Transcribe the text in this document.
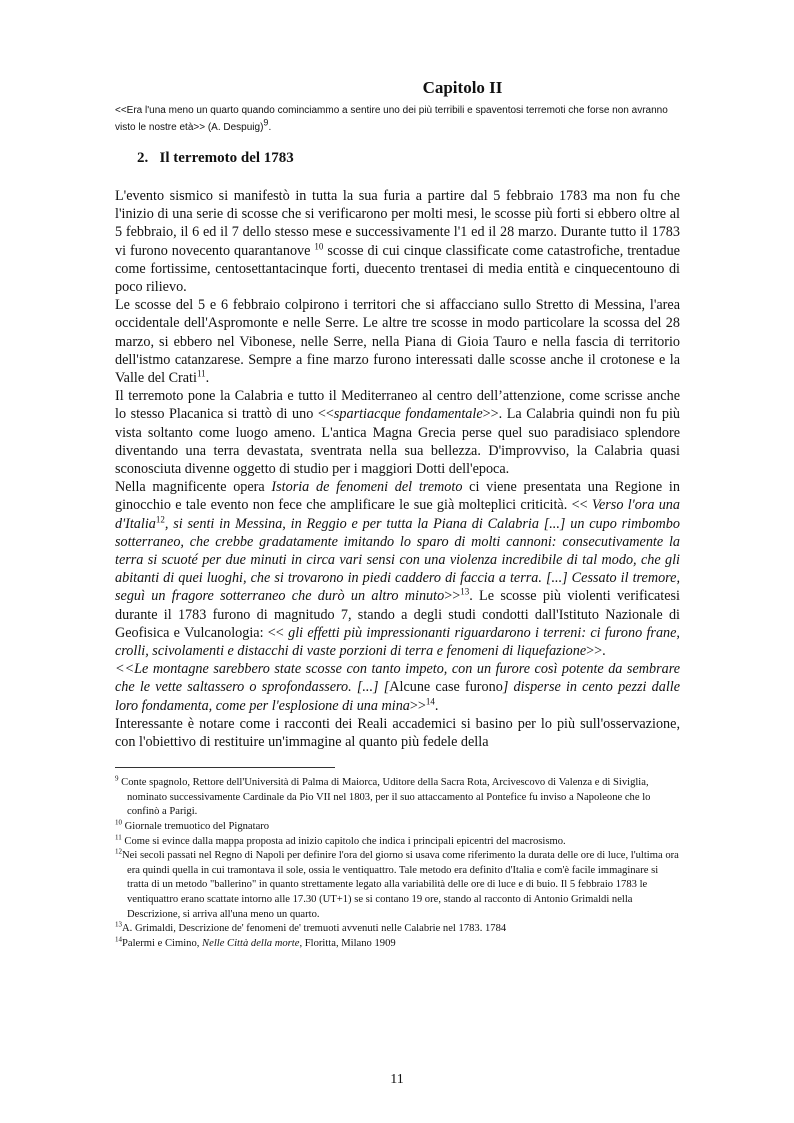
Capitolo II

<<Era l'una meno un quarto quando cominciammo a sentire uno dei più terribili e spaventosi terremoti che forse non avranno visto le nostre età>> (A. Despuig)$^9$.

2. Il terremoto del 1783

L'evento sismico si manifestò in tutta la sua furia a partire dal 5 febbraio 1783 ma non fu che l'inizio di una serie di scosse che si verificarono per molti mesi, le scosse più forti si ebbero oltre al 5 febbraio, il 6 ed il 7 dello stesso mese e successivamente l'1 ed il 28 marzo. Durante tutto il 1783 vi furono novecento quarantanove $^{10}$ scosse di cui cinque classificate come catastrofiche, trentadue come fortissime, centosettantacinque forti, duecento trentasei di media entità e cinquecentouno di poco rilievo.

Le scosse del 5 e 6 febbraio colpirono i territori che si affacciano sullo Stretto di Messina, l'area occidentale dell'Aspromonte e nelle Serre. Le altre tre scosse in modo particolare la scossa del 28 marzo, si ebbero nel Vibonese, nelle Serre, nella Piana di Gioia Tauro e nella fascia di territorio dell'istmo catanzarese. Sempre a fine marzo furono interessati dalle scosse anche il crotonese e la Valle del Crati$^{11}$.

Il terremoto pone la Calabria e tutto il Mediterraneo al centro dell’attenzione, come scrisse anche lo stesso Placanica si trattò di uno <<spartiacque fondamentale>>. La Calabria quindi non fu più vista soltanto come luogo ameno. L'antica Magna Grecia perse quel suo paradisiaco splendore diventando una terra devastata, sventrata nella sua bellezza. D'improvviso, la Calabria quasi sconosciuta divenne oggetto di studio per i maggiori Dotti dell'epoca.

Nella magnificente opera Istoria de fenomeni del tremoto ci viene presentata una Regione in ginocchio e tale evento non fece che amplificare le sue già molteplici criticità. << Verso l'ora una d'Italia$^{12}$, si senti in Messina, in Reggio e per tutta la Piana di Calabria [...] un cupo rimbombo sotterraneo, che crebbe gradatamente imitando lo sparo di molti cannoni: consecutivamente la terra si scuoté per due minuti in circa vari sensi con una violenza incredibile di tal modo, che gli abitanti di quei luoghi, che si trovarono in piedi caddero di faccia a terra. [...] Cessato il tremore, seguì un fragore sotterraneo che durò un altro minuto>>$^{13}$. Le scosse più violenti verificatesi durante il 1783 furono di magnitudo 7, stando a degli studi condotti dall'Istituto Nazionale di Geofisica e Vulcanologia: << gli effetti più impressionanti riguardarono i terreni: ci furono frane, crolli, scivolamenti e distacchi di vaste porzioni di terra e fenomeni di liquefazione>>.

<<Le montagne sarebbero state scosse con tanto impeto, con un furore così potente da sembrare che le vette saltassero o sprofondassero. [...] [Alcune case furono] disperse in cento pezzi dalle loro fondamenta, come per l'esplosione di una mina>>$^{14}$.

Interessante è notare come i racconti dei Reali accademici si basino per lo più sull'osservazione, con l'obiettivo di restituire un'immagine al quanto più fedele della

$^9$ Conte spagnolo, Rettore dell'Università di Palma di Maiorca, Uditore della Sacra Rota, Arcivescovo di Valenza e di Siviglia, nominato successivamente Cardinale da Pio VII nel 1803, per il suo attaccamento al Pontefice fu inviso a Napoleone che lo confinò a Parigi.

$^{10}$ Giornale tremuotico del Pignataro

$^{11}$ Come si evince dalla mappa proposta ad inizio capitolo che indica i principali epicentri del macrosismo.

$^{12}$Nei secoli passati nel Regno di Napoli per definire l'ora del giorno si usava come riferimento la durata delle ore di luce, l'ultima ora era quindi quella in cui tramontava il sole, ossia le ventiquattro. Tale metodo era definito d'Italia e com'è facile immaginare si tratta di un metodo "ballerino" in quanto strettamente legato alla variabilità delle ore di luce e di buio. Il 5 febbraio 1783 le ventiquattro erano scattate intorno alle 17.30 (UT+1) se si contano 19 ore, stando al racconto di Antonio Grimaldi nella Descrizione, si arriva all'una meno un quarto.

$^{13}$A. Grimaldi, Descrizione de' fenomeni de' tremuoti avvenuti nelle Calabrie nel 1783. 1784

$^{14}$Palermi e Cimino, Nelle Città della morte, Floritta, Milano 1909

11
